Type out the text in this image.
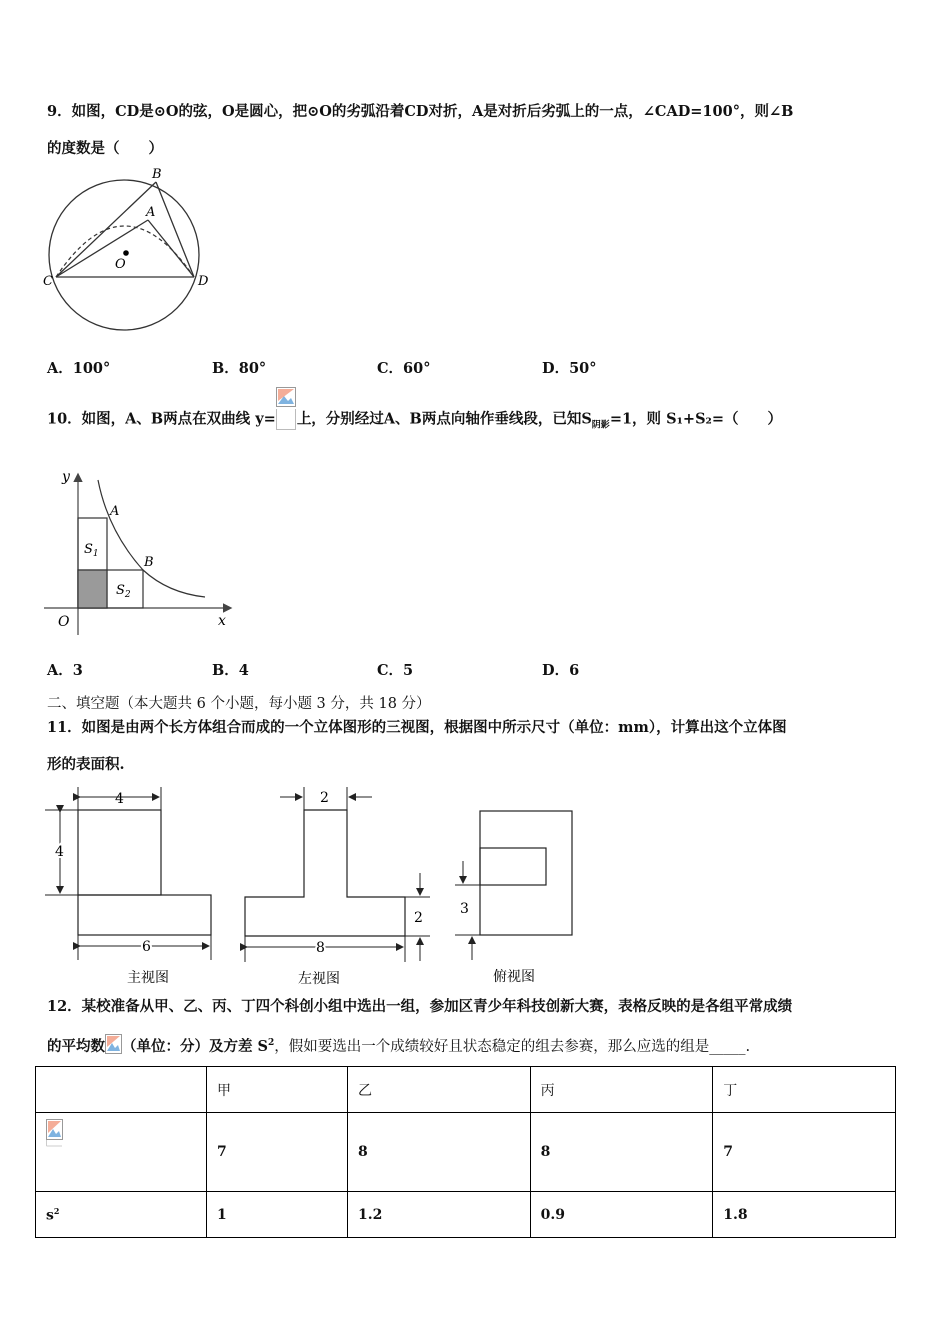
9．如图，CD是⊙O的弦，O是圆心，把⊙O的劣弧沿着CD对折，A是对折后劣弧上的一点，∠CAD=100°，则∠B
的度数是（　　）
B
A
O
C	D
A．100°	B．80°	C．60°	D．50°
10．如图，A、B两点在双曲线 y= 上，分别经过A、B两点向轴作垂线段，已知$S_{阴影}=1$，则 S₁+S₂=（　　）
y
x
O
A
B
$S_1$
$S_2$
A．3	B．4	C．5	D．6
二、填空题（本大题共 6 个小题，每小题 3 分，共 18 分）
11．如图是由两个长方体组合而成的一个立体图形的三视图，根据图中所示尺寸（单位：mm），计算出这个立体图
形的表面积.
4
4
6
主视图
2
2
8
左视图
3
俯视图
12．某校准备从甲、乙、丙、丁四个科创小组中选出一组，参加区青少年科技创新大赛，表格反映的是各组平常成绩
的平均数 （单位：分）及方差 $S^2$，假如要选出一个成绩较好且状态稳定的组去参赛，那么应选的组是_____.
	甲	乙	丙	丁
	7	8	8	7
$s^2$	1	1.2	0.9	1.8
